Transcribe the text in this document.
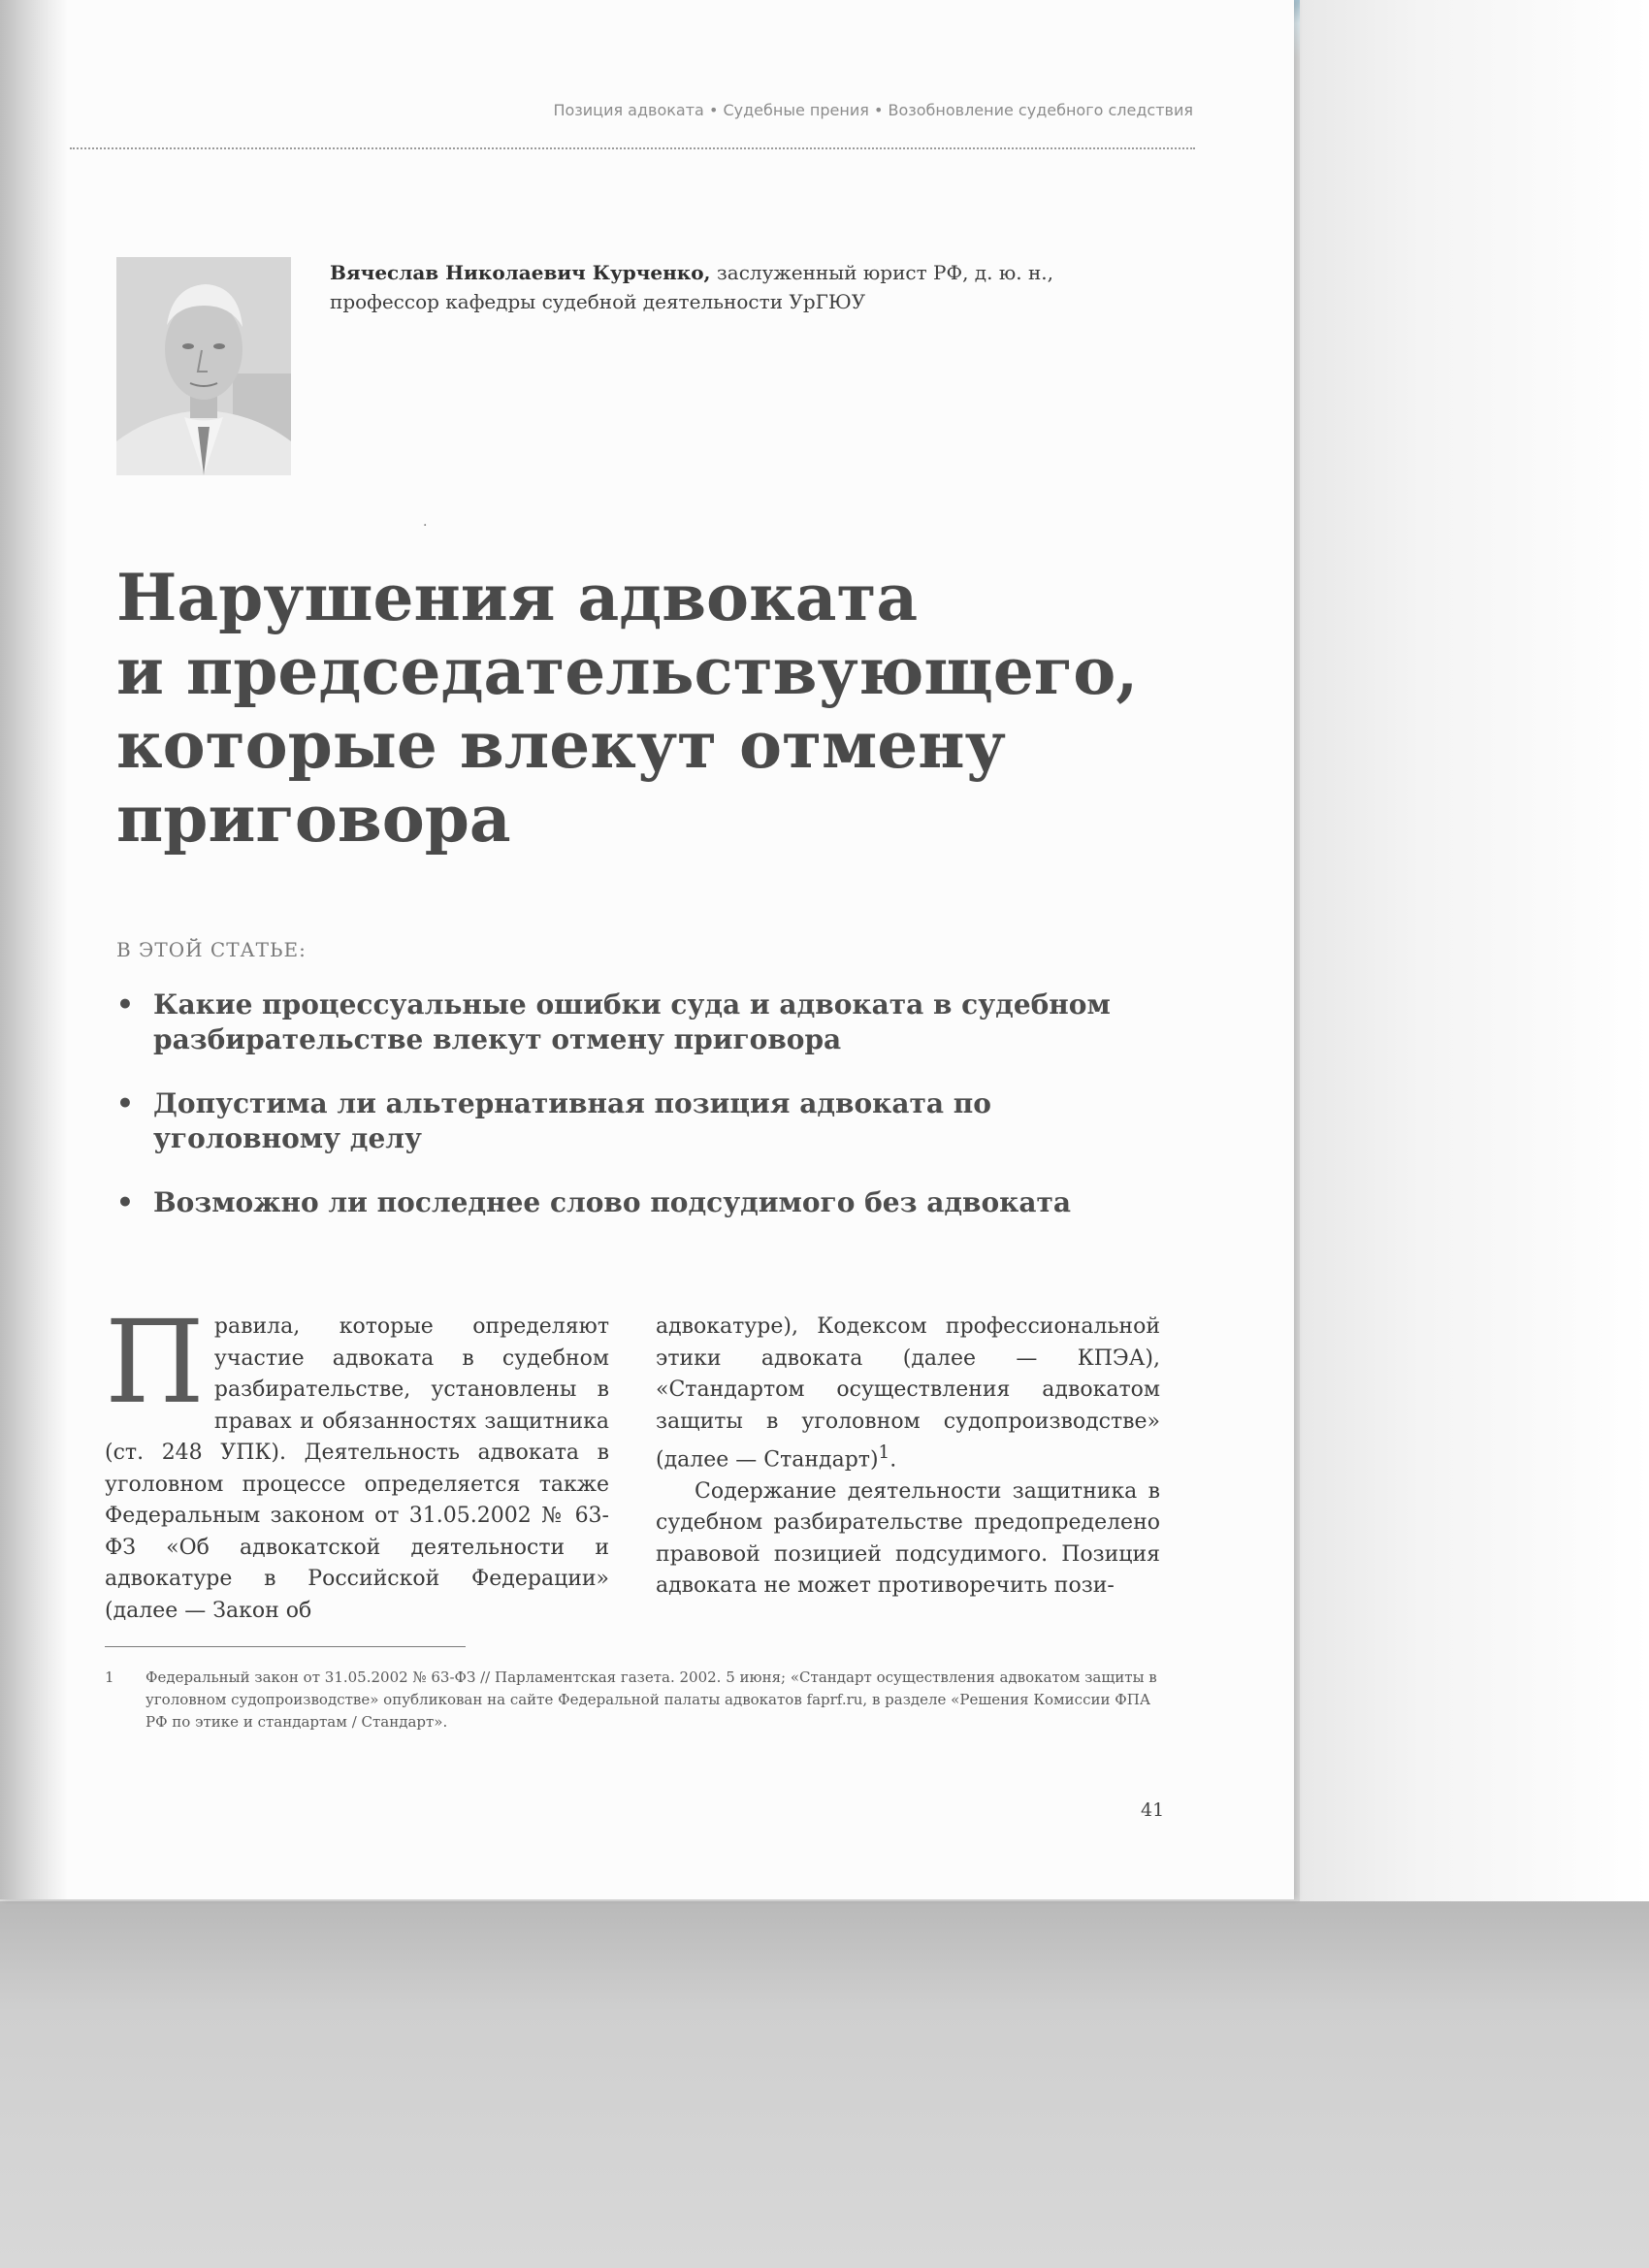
Позиция адвоката • Судебные прения • Возобновление судебного следствия
Вячеслав Николаевич Курченко, заслуженный юрист РФ, д. ю. н.,
профессор кафедры судебной деятельности УрГЮУ
Нарушения адвоката
и председательствующего,
которые влекут отмену
приговора
В ЭТОЙ СТАТЬЕ:
• Какие процессуальные ошибки суда и адвоката в судебном разбирательстве влекут отмену приговора
• Допустима ли альтернативная позиция адвоката по уголовному делу
• Возможно ли последнее слово подсудимого без адвоката

Правила, которые определяют участие адвоката в судебном разбирательстве, установлены в правах и обязанностях защитника (ст. 248 УПК). Деятельность адвоката в уголовном процессе определяется также Федеральным законом от 31.05.2002 № 63-ФЗ «Об адвокатской деятельности и адвокатуре в Российской Федерации» (далее — Закон об

адвокатуре), Кодексом профессиональной этики адвоката (далее — КПЭА), «Стандартом осуществления адвокатом защиты в уголовном судопроизводстве» (далее — Стандарт)$^1$.

Содержание деятельности защитника в судебном разбирательстве предопределено правовой позицией подсудимого. Позиция адвоката не может противоречить пози-

1 Федеральный закон от 31.05.2002 № 63-ФЗ // Парламентская газета. 2002. 5 июня; «Стандарт осуществления адвокатом защиты в уголовном судопроизводстве» опубликован на сайте Федеральной палаты адвокатов faprf.ru, в разделе «Решения Комиссии ФПА РФ по этике и стандартам / Стандарт».
41
·
